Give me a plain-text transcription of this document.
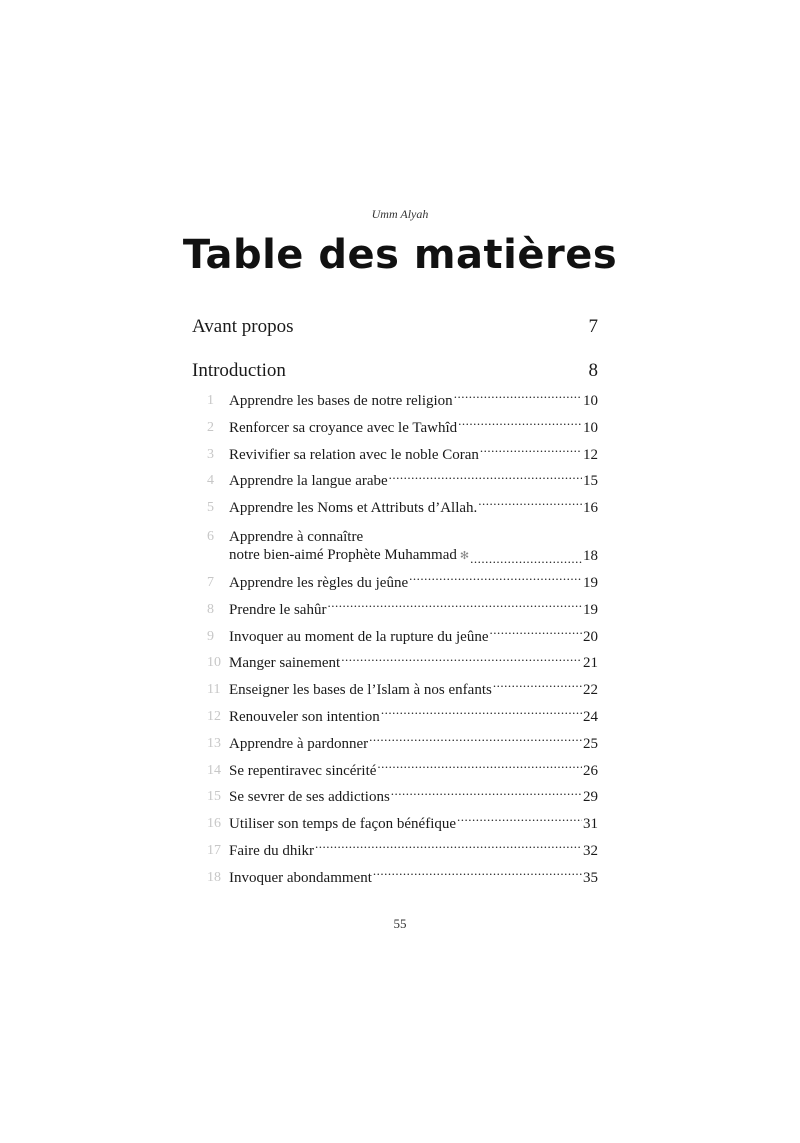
Umm Alyah
Table des matières
Avant propos	7
Introduction	8
1	Apprendre les bases de notre religion .....	10
2	Renforcer sa croyance avec le Tawhîd .....	10
3	Revivifier sa relation avec le noble Coran .....	12
4	Apprendre la langue arabe .....	15
5	Apprendre les Noms et Attributs d’Allah. .....	16
6	Apprendre à connaître
notre bien-aimé Prophète Muhammad ✻ .....	18
7	Apprendre les règles du jeûne .....	19
8	Prendre le sahûr .....	19
9	Invoquer au moment de la rupture du jeûne .....	20
10 Manger sainement .....	21
11 Enseigner les bases de l’Islam à nos enfants .....	22
12 Renouveler son intention .....	24
13 Apprendre à pardonner .....	25
14 Se repentiravec sincérité .....	26
15 Se sevrer de ses addictions .....	29
16 Utiliser son temps de façon bénéfique .....	31
17 Faire du dhikr .....	32
18 Invoquer abondamment .....	35
55
